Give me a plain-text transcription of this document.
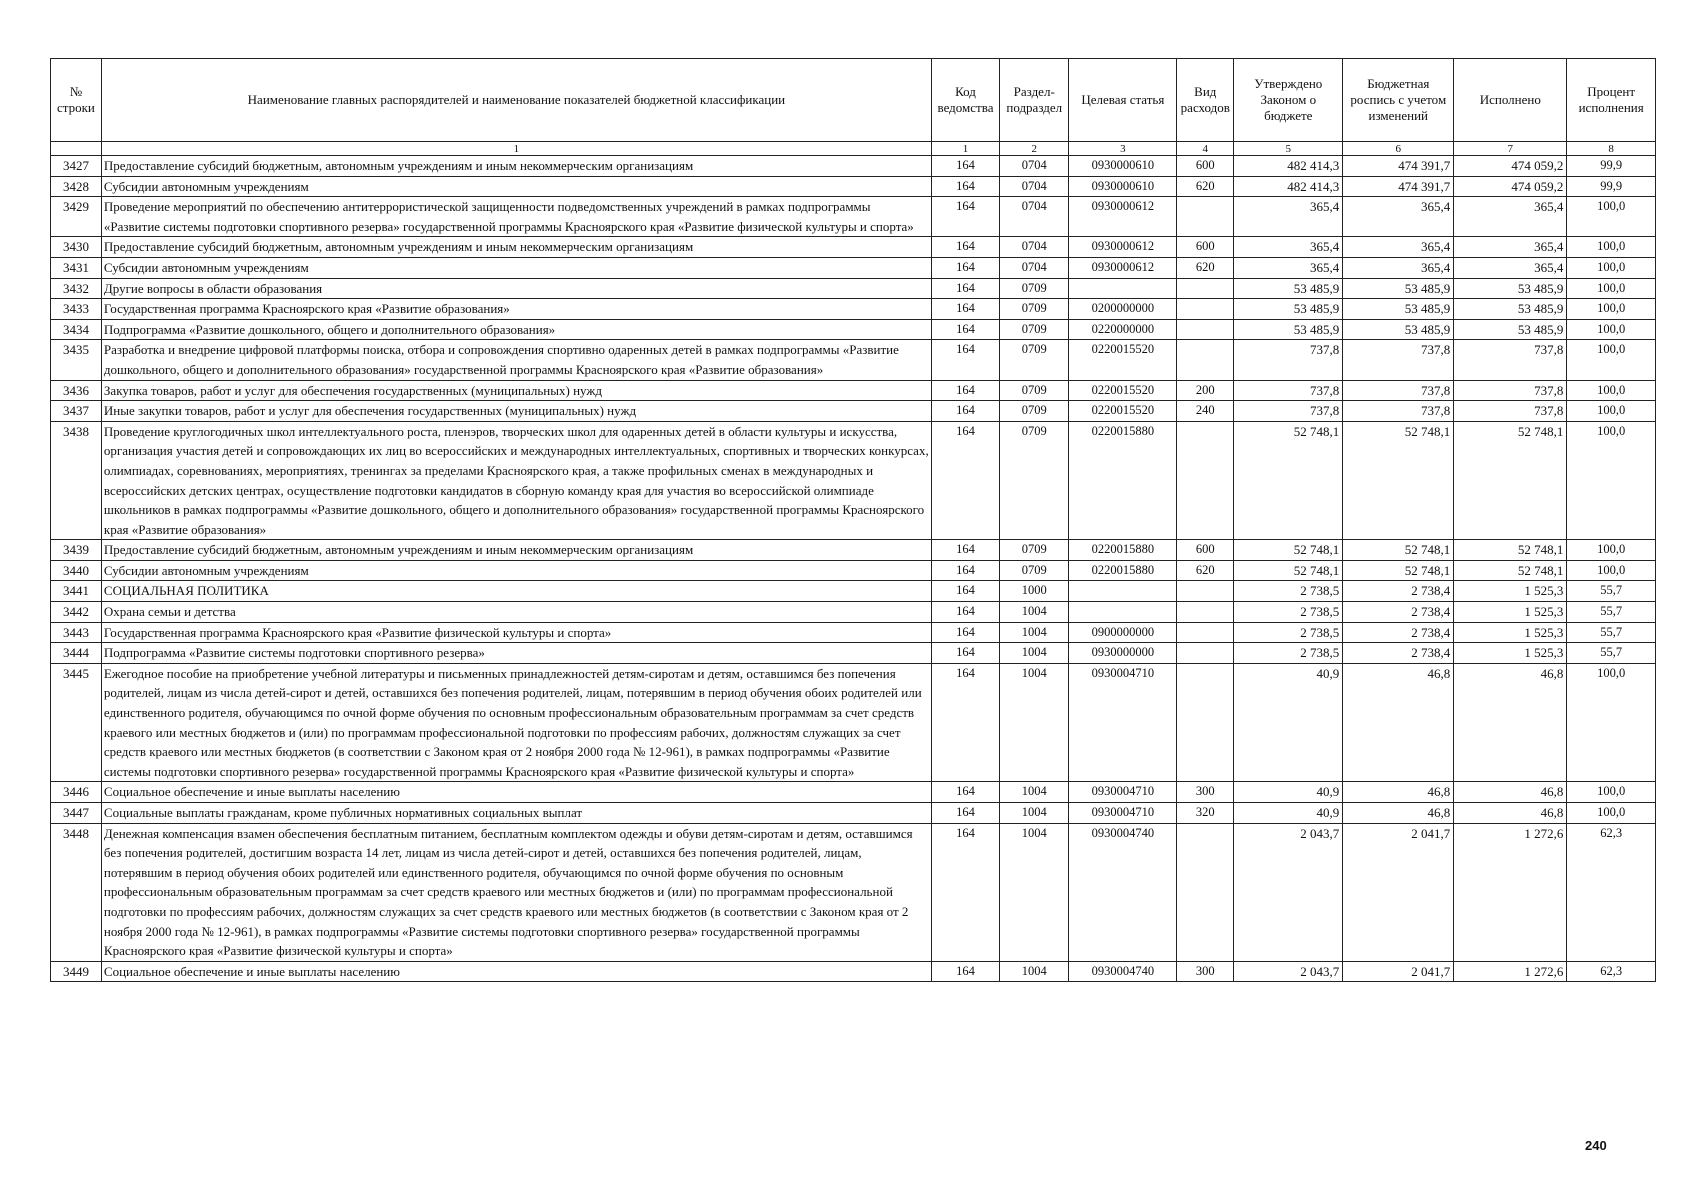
№ строки	Наименование главных распорядителей и наименование показателей бюджетной классификации	Код ведомства	Раздел-подраздел	Целевая статья	Вид расходов	Утверждено Законом о бюджете	Бюджетная роспись с учетом изменений	Исполнено	Процент исполнения
	1	1	2	3	4	5	6	7	8
3427	Предоставление субсидий бюджетным, автономным учреждениям и иным некоммерческим организациям	164	0704	0930000610	600	482 414,3	474 391,7	474 059,2	99,9
3428	Субсидии автономным учреждениям	164	0704	0930000610	620	482 414,3	474 391,7	474 059,2	99,9
3429	Проведение мероприятий по обеспечению антитеррористической защищенности подведомственных учреждений в рамках подпрограммы «Развитие системы подготовки спортивного резерва» государственной программы Красноярского края «Развитие физической культуры и спорта»	164	0704	0930000612		365,4	365,4	365,4	100,0
3430	Предоставление субсидий бюджетным, автономным учреждениям и иным некоммерческим организациям	164	0704	0930000612	600	365,4	365,4	365,4	100,0
3431	Субсидии автономным учреждениям	164	0704	0930000612	620	365,4	365,4	365,4	100,0
3432	Другие вопросы в области образования	164	0709			53 485,9	53 485,9	53 485,9	100,0
3433	Государственная программа Красноярского края «Развитие образования»	164	0709	0200000000		53 485,9	53 485,9	53 485,9	100,0
3434	Подпрограмма «Развитие дошкольного, общего и дополнительного образования»	164	0709	0220000000		53 485,9	53 485,9	53 485,9	100,0
3435	Разработка и внедрение цифровой платформы поиска, отбора и сопровождения спортивно одаренных детей в рамках подпрограммы «Развитие дошкольного, общего и дополнительного образования» государственной программы Красноярского края «Развитие образования»	164	0709	0220015520		737,8	737,8	737,8	100,0
3436	Закупка товаров, работ и услуг для обеспечения государственных (муниципальных) нужд	164	0709	0220015520	200	737,8	737,8	737,8	100,0
3437	Иные закупки товаров, работ и услуг для обеспечения государственных (муниципальных) нужд	164	0709	0220015520	240	737,8	737,8	737,8	100,0
3438	Проведение круглогодичных школ интеллектуального роста, пленэров, творческих школ для одаренных детей в области культуры и искусства, организация участия детей и сопровождающих их лиц во всероссийских и международных интеллектуальных, спортивных и творческих конкурсах, олимпиадах, соревнованиях, мероприятиях, тренингах за пределами Красноярского края, а также профильных сменах в международных и всероссийских детских центрах, осуществление подготовки кандидатов в сборную команду края для участия во всероссийской олимпиаде школьников в рамках подпрограммы «Развитие дошкольного, общего и дополнительного образования» государственной программы Красноярского края «Развитие образования»	164	0709	0220015880		52 748,1	52 748,1	52 748,1	100,0
3439	Предоставление субсидий бюджетным, автономным учреждениям и иным некоммерческим организациям	164	0709	0220015880	600	52 748,1	52 748,1	52 748,1	100,0
3440	Субсидии автономным учреждениям	164	0709	0220015880	620	52 748,1	52 748,1	52 748,1	100,0
3441	СОЦИАЛЬНАЯ ПОЛИТИКА	164	1000			2 738,5	2 738,4	1 525,3	55,7
3442	Охрана семьи и детства	164	1004			2 738,5	2 738,4	1 525,3	55,7
3443	Государственная программа Красноярского края «Развитие физической культуры и спорта»	164	1004	0900000000		2 738,5	2 738,4	1 525,3	55,7
3444	Подпрограмма «Развитие системы подготовки спортивного резерва»	164	1004	0930000000		2 738,5	2 738,4	1 525,3	55,7
3445	Ежегодное пособие на приобретение учебной литературы и письменных принадлежностей детям-сиротам и детям, оставшимся без попечения родителей, лицам из числа детей-сирот и детей, оставшихся без попечения родителей, лицам, потерявшим в период обучения обоих родителей или единственного родителя, обучающимся по очной форме обучения по основным профессиональным образовательным программам за счет средств краевого или местных бюджетов и (или) по программам профессиональной подготовки по профессиям рабочих, должностям служащих за счет средств краевого или местных бюджетов (в соответствии с Законом края от 2 ноября 2000 года № 12-961), в рамках подпрограммы «Развитие системы подготовки спортивного резерва» государственной программы Красноярского края «Развитие физической культуры и спорта»	164	1004	0930004710		40,9	46,8	46,8	100,0
3446	Социальное обеспечение и иные выплаты населению	164	1004	0930004710	300	40,9	46,8	46,8	100,0
3447	Социальные выплаты гражданам, кроме публичных нормативных социальных выплат	164	1004	0930004710	320	40,9	46,8	46,8	100,0
3448	Денежная компенсация взамен обеспечения бесплатным питанием, бесплатным комплектом одежды и обуви детям-сиротам и детям, оставшимся без попечения родителей, достигшим возраста 14 лет, лицам из числа детей-сирот и детей, оставшихся без попечения родителей, лицам, потерявшим в период обучения обоих родителей или единственного родителя, обучающимся по очной форме обучения по основным профессиональным образовательным программам за счет средств краевого или местных бюджетов и (или) по программам профессиональной подготовки по профессиям рабочих, должностям служащих за счет средств краевого или местных бюджетов (в соответствии с Законом края от 2 ноября 2000 года № 12-961), в рамках подпрограммы «Развитие системы подготовки спортивного резерва» государственной программы Красноярского края «Развитие физической культуры и спорта»	164	1004	0930004740		2 043,7	2 041,7	1 272,6	62,3
3449	Социальное обеспечение и иные выплаты населению	164	1004	0930004740	300	2 043,7	2 041,7	1 272,6	62,3
240
